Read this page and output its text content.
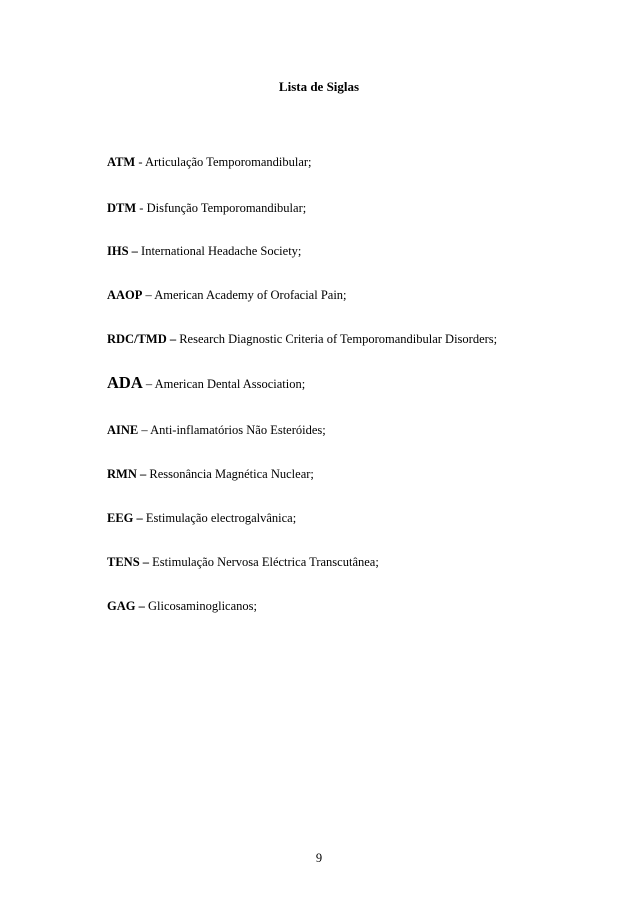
Lista de Siglas
ATM - Articulação Temporomandibular;
DTM - Disfunção Temporomandibular;
IHS – International Headache Society;
AAOP – American Academy of Orofacial Pain;
RDC/TMD – Research Diagnostic Criteria of Temporomandibular Disorders;
ADA – American Dental Association;
AINE – Anti-inflamatórios Não Esteróides;
RMN – Ressonância Magnética Nuclear;
EEG – Estimulação electrogalvânica;
TENS – Estimulação Nervosa Eléctrica Transcutânea;
GAG – Glicosaminoglicanos;
9
